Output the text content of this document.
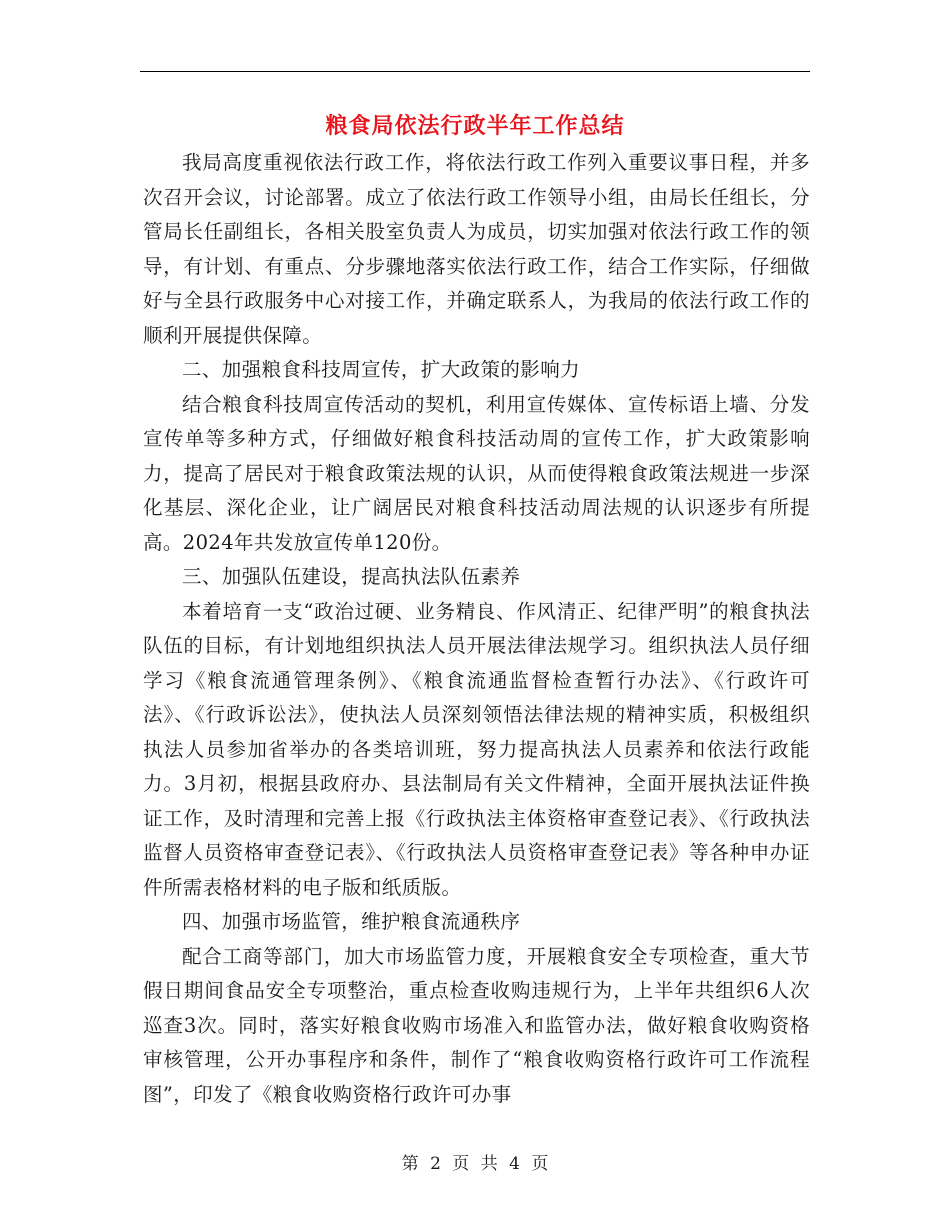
粮食局依法行政半年工作总结

我局高度重视依法行政工作，将依法行政工作列入重要议事日程，并多次召开会议，讨论部署。成立了依法行政工作领导小组，由局长任组长，分管局长任副组长，各相关股室负责人为成员，切实加强对依法行政工作的领导，有计划、有重点、分步骤地落实依法行政工作，结合工作实际，仔细做好与全县行政服务中心对接工作，并确定联系人，为我局的依法行政工作的顺利开展提供保障。

二、加强粮食科技周宣传，扩大政策的影响力

结合粮食科技周宣传活动的契机，利用宣传媒体、宣传标语上墙、分发宣传单等多种方式，仔细做好粮食科技活动周的宣传工作，扩大政策影响力，提高了居民对于粮食政策法规的认识，从而使得粮食政策法规进一步深化基层、深化企业，让广阔居民对粮食科技活动周法规的认识逐步有所提高。2024年共发放宣传单120份。

三、加强队伍建设，提高执法队伍素养

本着培育一支“政治过硬、业务精良、作风清正、纪律严明”的粮食执法队伍的目标，有计划地组织执法人员开展法律法规学习。组织执法人员仔细学习《粮食流通管理条例》、《粮食流通监督检查暂行办法》、《行政许可法》、《行政诉讼法》，使执法人员深刻领悟法律法规的精神实质，积极组织执法人员参加省举办的各类培训班，努力提高执法人员素养和依法行政能力。3月初，根据县政府办、县法制局有关文件精神，全面开展执法证件换证工作，及时清理和完善上报《行政执法主体资格审查登记表》、《行政执法监督人员资格审查登记表》、《行政执法人员资格审查登记表》等各种申办证件所需表格材料的电子版和纸质版。

四、加强市场监管，维护粮食流通秩序

配合工商等部门，加大市场监管力度，开展粮食安全专项检查，重大节假日期间食品安全专项整治，重点检查收购违规行为，上半年共组织6人次巡查3次。同时，落实好粮食收购市场准入和监管办法，做好粮食收购资格审核管理，公开办事程序和条件，制作了“粮食收购资格行政许可工作流程图”，印发了《粮食收购资格行政许可办事

第 2 页 共 4 页
